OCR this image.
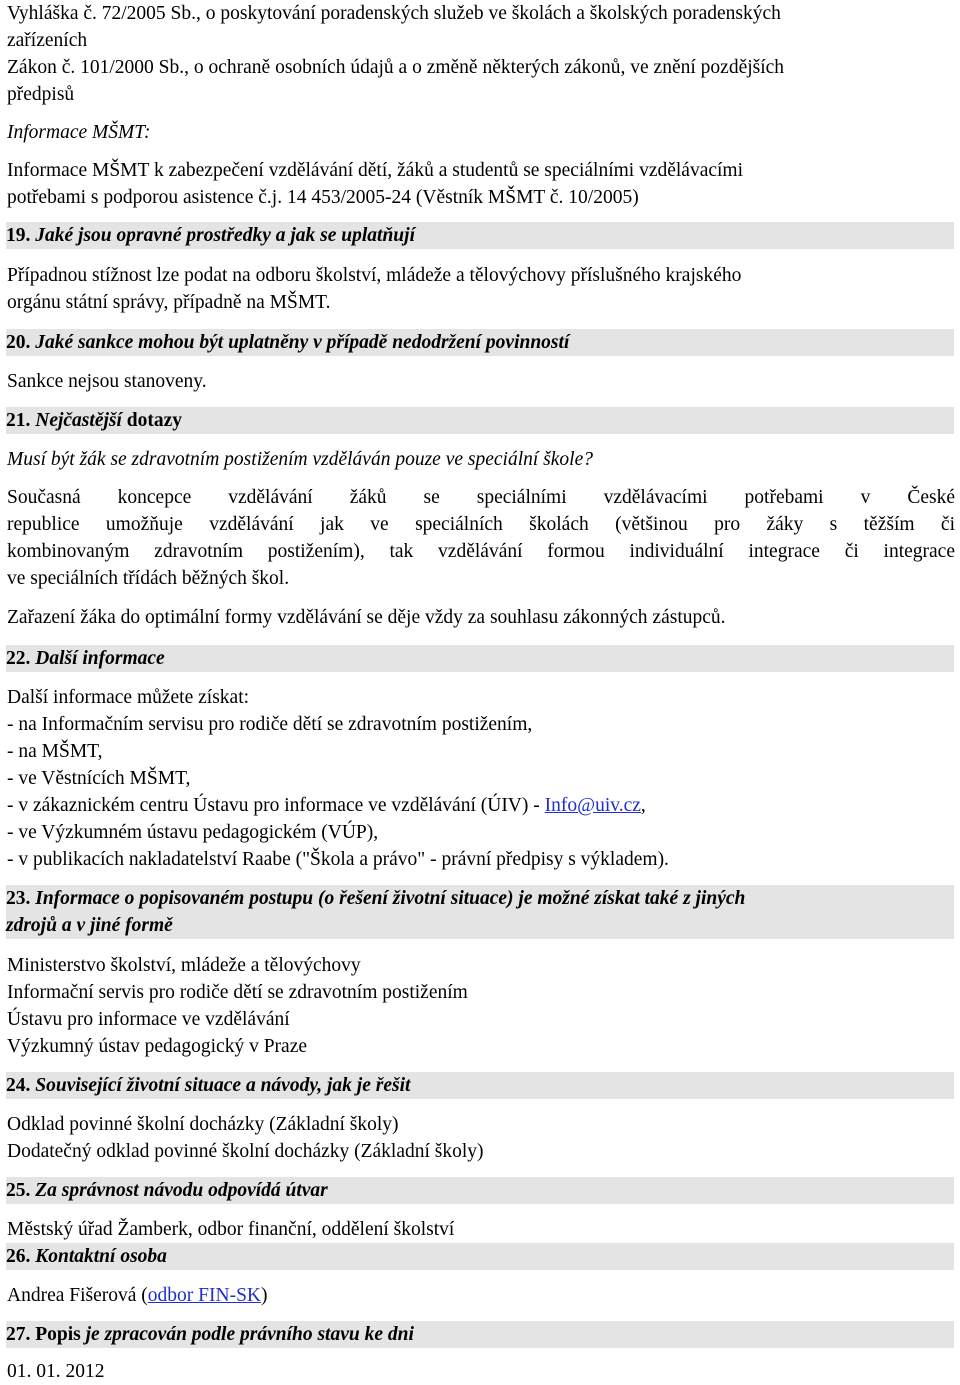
Vyhláška č. 72/2005 Sb., o poskytování poradenských služeb ve školách a školských poradenských
zařízeních
Zákon č. 101/2000 Sb., o ochraně osobních údajů a o změně některých zákonů, ve znění pozdějších
předpisů
Informace MŠMT:
Informace MŠMT k zabezpečení vzdělávání dětí, žáků a studentů se speciálními vzdělávacími
potřebami s podporou asistence č.j. 14 453/2005-24 (Věstník MŠMT č. 10/2005)
19. Jaké jsou opravné prostředky a jak se uplatňují
Případnou stížnost lze podat na odboru školství, mládeže a tělovýchovy příslušného krajského
orgánu státní správy, případně na MŠMT.
20. Jaké sankce mohou být uplatněny v případě nedodržení povinností
Sankce nejsou stanoveny.
21. Nejčastější dotazy
Musí být žák se zdravotním postižením vzděláván pouze ve speciální škole?
Současná koncepce vzdělávání žáků se speciálními vzdělávacími potřebami v České
republice umožňuje vzdělávání jak ve speciálních školách (většinou pro žáky s těžším či
kombinovaným zdravotním postižením), tak vzdělávání formou individuální integrace či integrace
ve speciálních třídách běžných škol.
Zařazení žáka do optimální formy vzdělávání se děje vždy za souhlasu zákonných zástupců.
22. Další informace
Další informace můžete získat:
- na Informačním servisu pro rodiče dětí se zdravotním postižením,
- na MŠMT,
- ve Věstnících MŠMT,
- v zákaznickém centru Ústavu pro informace ve vzdělávání (ÚIV) - Info@uiv.cz,
- ve Výzkumném ústavu pedagogickém (VÚP),
- v publikacích nakladatelství Raabe ("Škola a právo" - právní předpisy s výkladem).
23. Informace o popisovaném postupu (o řešení životní situace) je možné získat také z jiných
zdrojů a v jiné formě
Ministerstvo školství, mládeže a tělovýchovy
Informační servis pro rodiče dětí se zdravotním postižením
Ústavu pro informace ve vzdělávání
Výzkumný ústav pedagogický v Praze
24. Související životní situace a návody, jak je řešit
Odklad povinné školní docházky (Základní školy)
Dodatečný odklad povinné školní docházky (Základní školy)
25. Za správnost návodu odpovídá útvar
Městský úřad Žamberk, odbor finanční, oddělení školství
26. Kontaktní osoba
Andrea Fišerová (odbor FIN-SK)
27. Popis je zpracován podle právního stavu ke dni
01. 01. 2012
